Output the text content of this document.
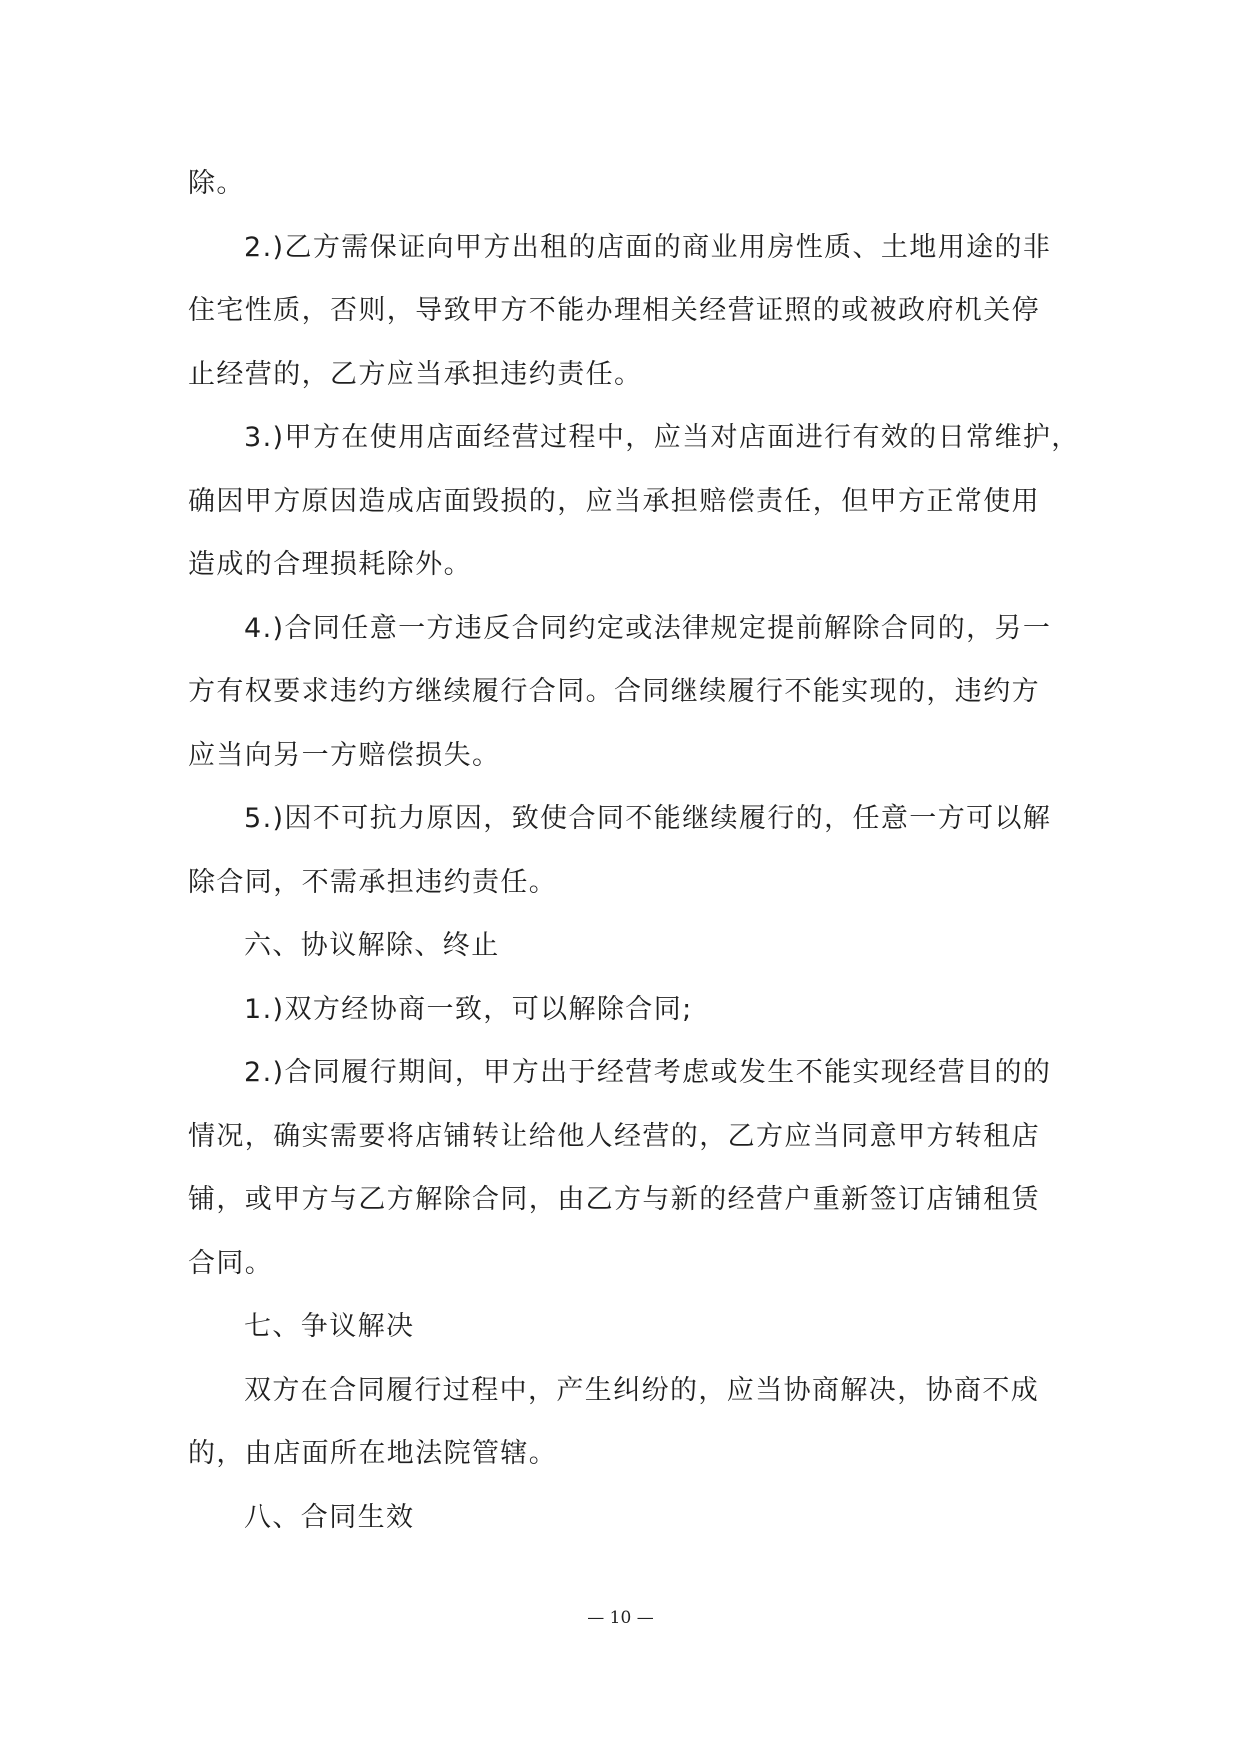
除。
2.)乙方需保证向甲方出租的店面的商业用房性质、土地用途的非
住宅性质，否则，导致甲方不能办理相关经营证照的或被政府机关停
止经营的，乙方应当承担违约责任。
3.)甲方在使用店面经营过程中，应当对店面进行有效的日常维护，
确因甲方原因造成店面毁损的，应当承担赔偿责任，但甲方正常使用
造成的合理损耗除外。
4.)合同任意一方违反合同约定或法律规定提前解除合同的，另一
方有权要求违约方继续履行合同。合同继续履行不能实现的，违约方
应当向另一方赔偿损失。
5.)因不可抗力原因，致使合同不能继续履行的，任意一方可以解
除合同，不需承担违约责任。
六、协议解除、终止
1.)双方经协商一致，可以解除合同;
2.)合同履行期间，甲方出于经营考虑或发生不能实现经营目的的
情况，确实需要将店铺转让给他人经营的，乙方应当同意甲方转租店
铺，或甲方与乙方解除合同，由乙方与新的经营户重新签订店铺租赁
合同。
七、争议解决
双方在合同履行过程中，产生纠纷的，应当协商解决，协商不成
的，由店面所在地法院管辖。
八、合同生效
— 10 —
